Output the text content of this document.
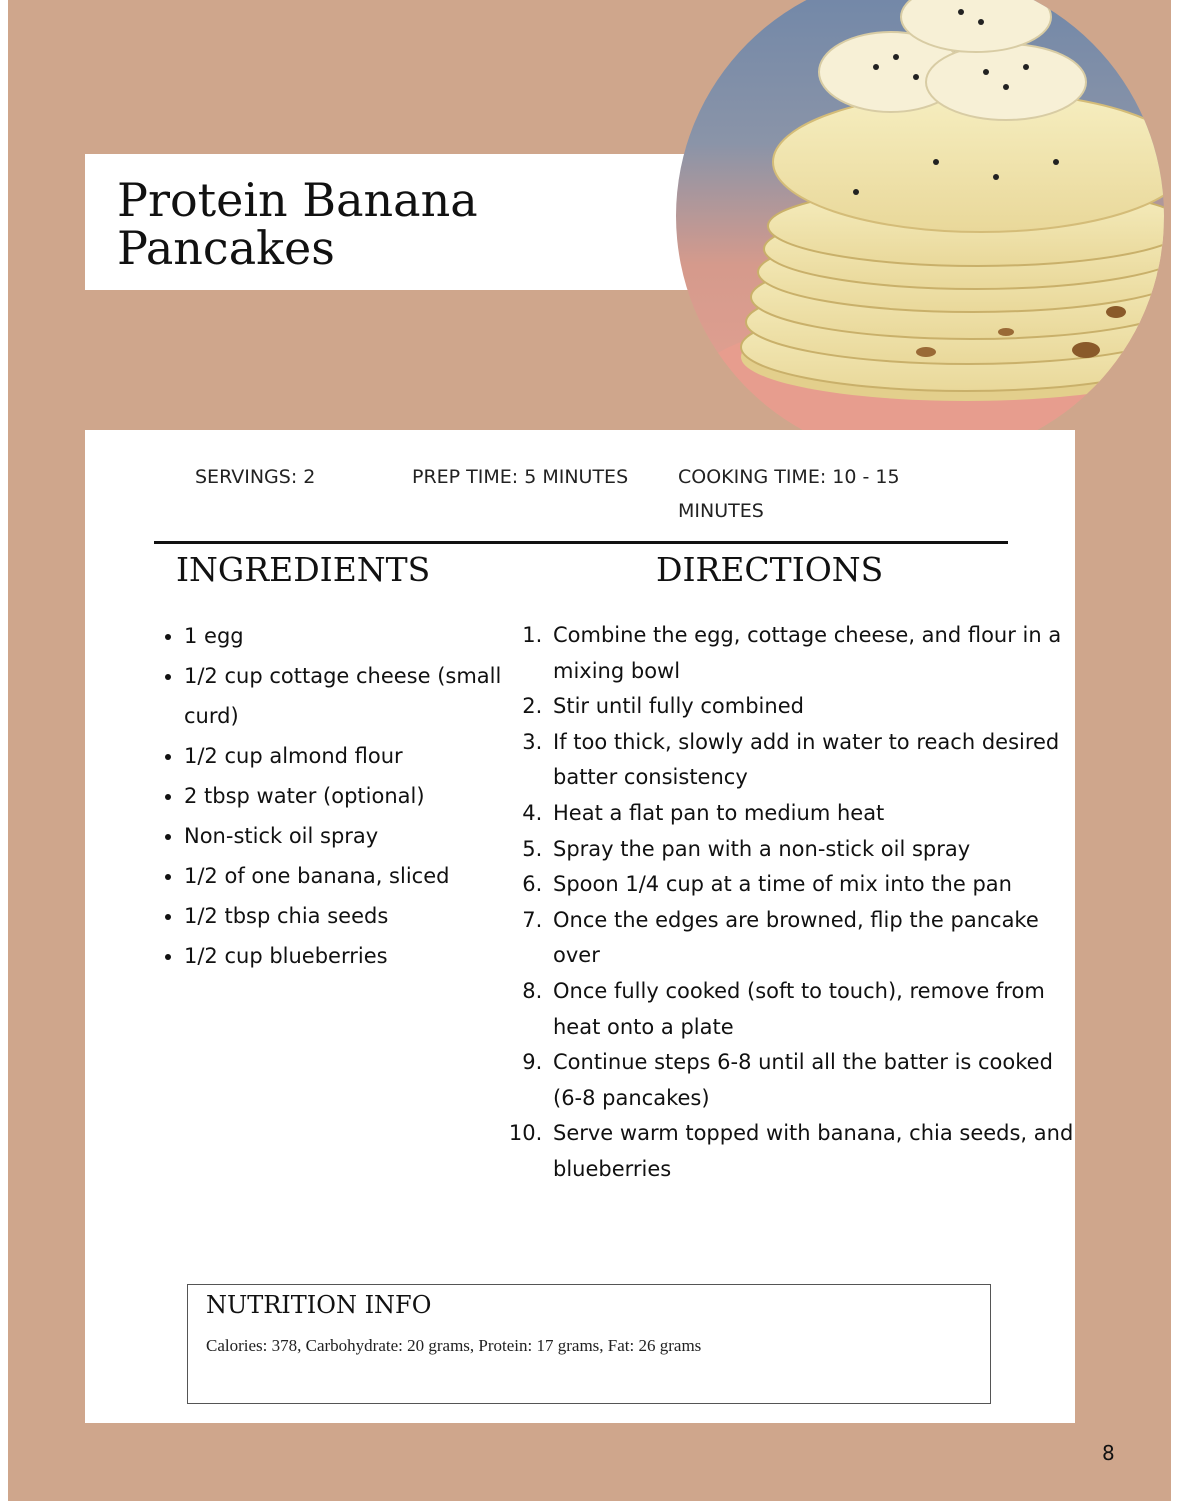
Protein Banana Pancakes
SERVINGS: 2	PREP TIME: 5 MINUTES	COOKING TIME: 10 - 15 MINUTES
INGREDIENTS	DIRECTIONS
• 1 egg
• 1/2 cup cottage cheese (small curd)
• 1/2 cup almond flour
• 2 tbsp water (optional)
• Non-stick oil spray
• 1/2 of one banana, sliced
• 1/2 tbsp chia seeds
• 1/2 cup blueberries
1. Combine the egg, cottage cheese, and flour in a mixing bowl
2. Stir until fully combined
3. If too thick, slowly add in water to reach desired batter consistency
4. Heat a flat pan to medium heat
5. Spray the pan with a non-stick oil spray
6. Spoon 1/4 cup at a time of mix into the pan
7. Once the edges are browned, flip the pancake over
8. Once fully cooked (soft to touch), remove from heat onto a plate
9. Continue steps 6-8 until all the batter is cooked (6-8 pancakes)
10. Serve warm topped with banana, chia seeds, and blueberries
NUTRITION INFO
Calories: 378, Carbohydrate: 20 grams, Protein: 17 grams, Fat: 26 grams
8
